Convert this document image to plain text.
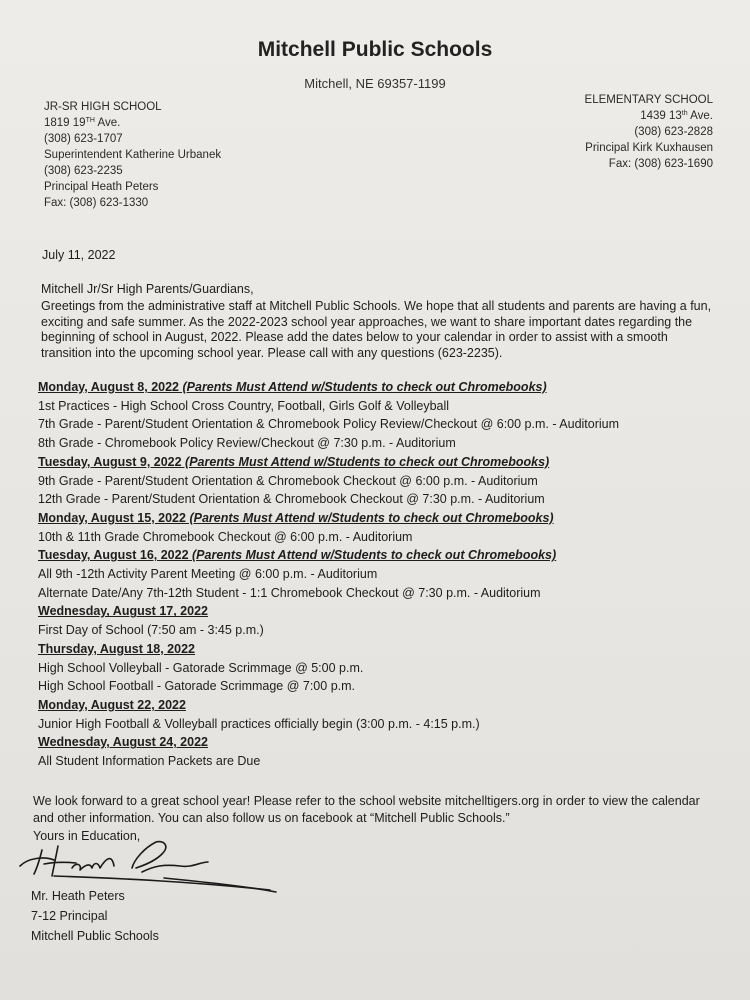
Mitchell Public Schools
Mitchell, NE 69357-1199
JR-SR HIGH SCHOOL
1819 19TH Ave.
(308) 623-1707
Superintendent Katherine Urbanek
(308) 623-2235
Principal Heath Peters
Fax: (308) 623-1330
ELEMENTARY SCHOOL
1439 13th Ave.
(308) 623-2828
Principal Kirk Kuxhausen
Fax: (308) 623-1690
July 11, 2022
Mitchell Jr/Sr High Parents/Guardians,
Greetings from the administrative staff at Mitchell Public Schools. We hope that all students and parents are having a fun, exciting and safe summer. As the 2022-2023 school year approaches, we want to share important dates regarding the beginning of school in August, 2022. Please add the dates below to your calendar in order to assist with a smooth transition into the upcoming school year. Please call with any questions (623-2235).
Monday, August 8, 2022 (Parents Must Attend w/Students to check out Chromebooks)
1st Practices - High School Cross Country, Football, Girls Golf & Volleyball
7th Grade - Parent/Student Orientation & Chromebook Policy Review/Checkout @ 6:00 p.m. - Auditorium
8th Grade - Chromebook Policy Review/Checkout @ 7:30 p.m. - Auditorium
Tuesday, August 9, 2022 (Parents Must Attend w/Students to check out Chromebooks)
9th Grade - Parent/Student Orientation & Chromebook Checkout @ 6:00 p.m. - Auditorium
12th Grade - Parent/Student Orientation & Chromebook Checkout @ 7:30 p.m. - Auditorium
Monday, August 15, 2022 (Parents Must Attend w/Students to check out Chromebooks)
10th & 11th Grade Chromebook Checkout @ 6:00 p.m. - Auditorium
Tuesday, August 16, 2022 (Parents Must Attend w/Students to check out Chromebooks)
All 9th -12th Activity Parent Meeting @ 6:00 p.m. - Auditorium
Alternate Date/Any 7th-12th Student - 1:1 Chromebook Checkout @ 7:30 p.m. - Auditorium
Wednesday, August 17, 2022
First Day of School (7:50 am - 3:45 p.m.)
Thursday, August 18, 2022
High School Volleyball - Gatorade Scrimmage @ 5:00 p.m.
High School Football - Gatorade Scrimmage @ 7:00 p.m.
Monday, August 22, 2022
Junior High Football & Volleyball practices officially begin (3:00 p.m. - 4:15 p.m.)
Wednesday, August 24, 2022
All Student Information Packets are Due
We look forward to a great school year! Please refer to the school website mitchelltigers.org in order to view the calendar and other information. You can also follow us on facebook at “Mitchell Public Schools.”
Yours in Education,
Mr. Heath Peters
7-12 Principal
Mitchell Public Schools
